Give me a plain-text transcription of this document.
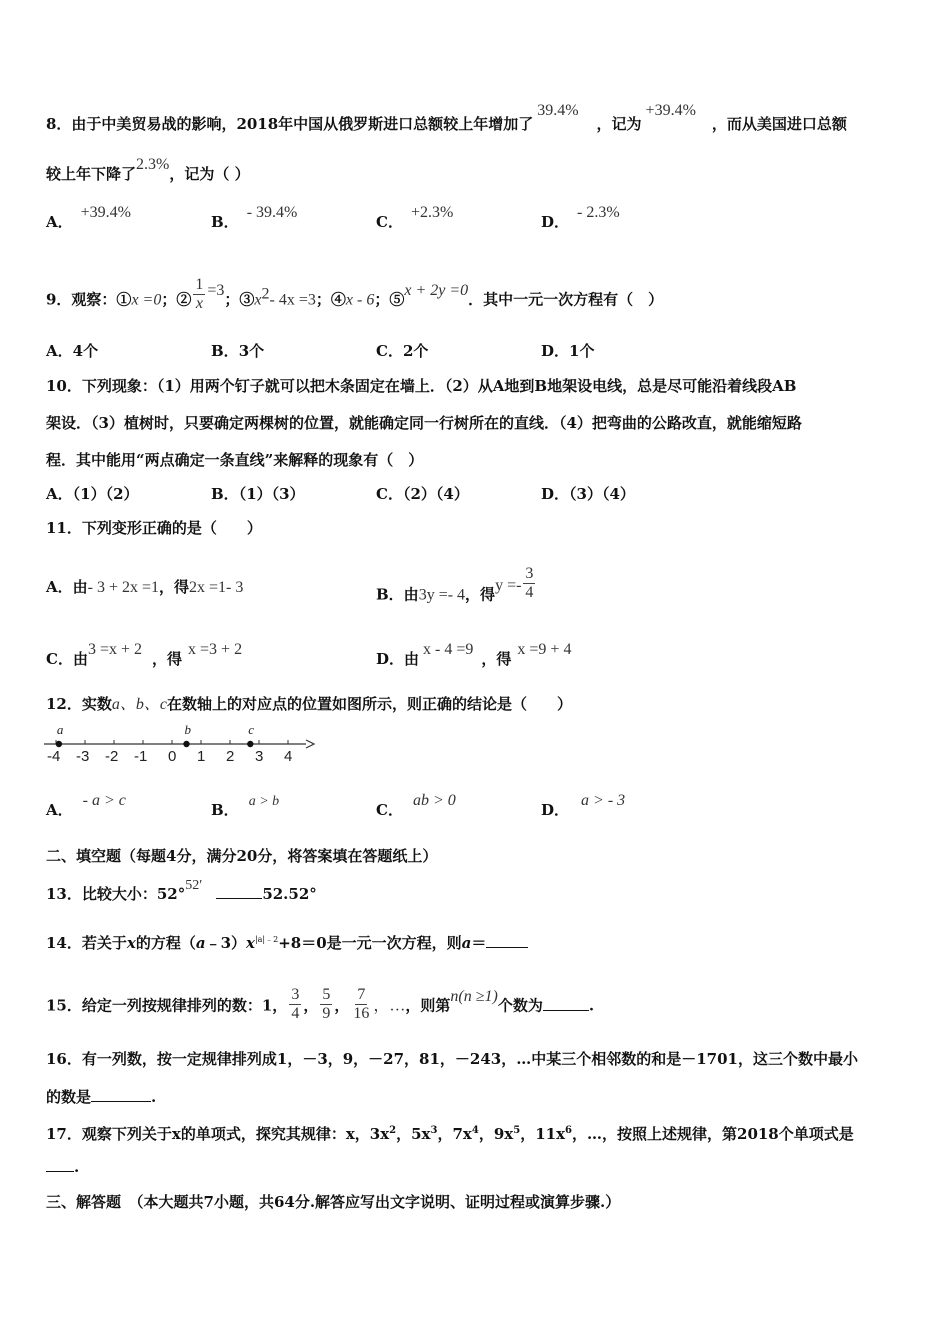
8．由于中美贸易战的影响，2018年中国从俄罗斯进口总额较上年增加了39.4%，记为+39.4%，而从美国进口总额
较上年下降了2.3%，记为（ ）
A．+39.4%
B．- 39.4%
C．+2.3%
D．- 2.3%
9．观察：①x =0；② $\frac{1}{x} =3$；$③x^2-$ 4x =3；④x - 6；⑤x + 2y =0．其中一元一次方程有（　）
A．4个	B．3个	C．2个	D．1个
10．下列现象：（1）用两个钉子就可以把木条固定在墙上．（2）从A地到B地架设电线，总是尽可能沿着线段AB
架设．（3）植树时，只要确定两棵树的位置，就能确定同一行树所在的直线．（4）把弯曲的公路改直，就能缩短路
程．其中能用“两点确定一条直线”来解释的现象有（　）
A．（1）（2）	B．（1）（3）	C．（2）（4）	D．（3）（4）
11．下列变形正确的是（　　）
A．由- 3 + 2x =1，得2x =1- 3	B．由3y =- 4，得$y =- \frac{3}{4}$
C．由3 =x + 2，得x =3 + 2
D．由x - 4 =9，得x =9 + 4
12．实数a、b、c在数轴上的对应点的位置如图所示，则正确的结论是（　　）
-4 -3 -2 -1 0 1 2 3 4
a	b	c
A．- a > c
B． a > b	C．ab > 0
D．a > - 3
二、填空题（每题4分，满分20分，将答案填在答题纸上）
13．比较大小：52°52′	52.52°
14．若关于x的方程$(a﹣3)x^{|a|﹣2}+8=0$是一元一次方程，则a＝
15．给定一列按规律排列的数：1， $\frac{3}{4}$ ， $\frac{5}{9}$ ， $\frac{7}{16}$ ，…，则第n(n ≥1)个数为	.
16．有一列数，按一定规律排列成1，－3，9，－27，81，－243，…中某三个相邻数的和是－1701，这三个数中最小
的数是	.
17．观察下列关于x的单项式，探究其规律：x，$3x^2$，$5x^3$，$7x^4$，$9x^5$，$11x^6$，…，按照上述规律，第2018个单项式是
.
三、解答题　（本大题共7小题，共64分.解答应写出文字说明、证明过程或演算步骤.）
